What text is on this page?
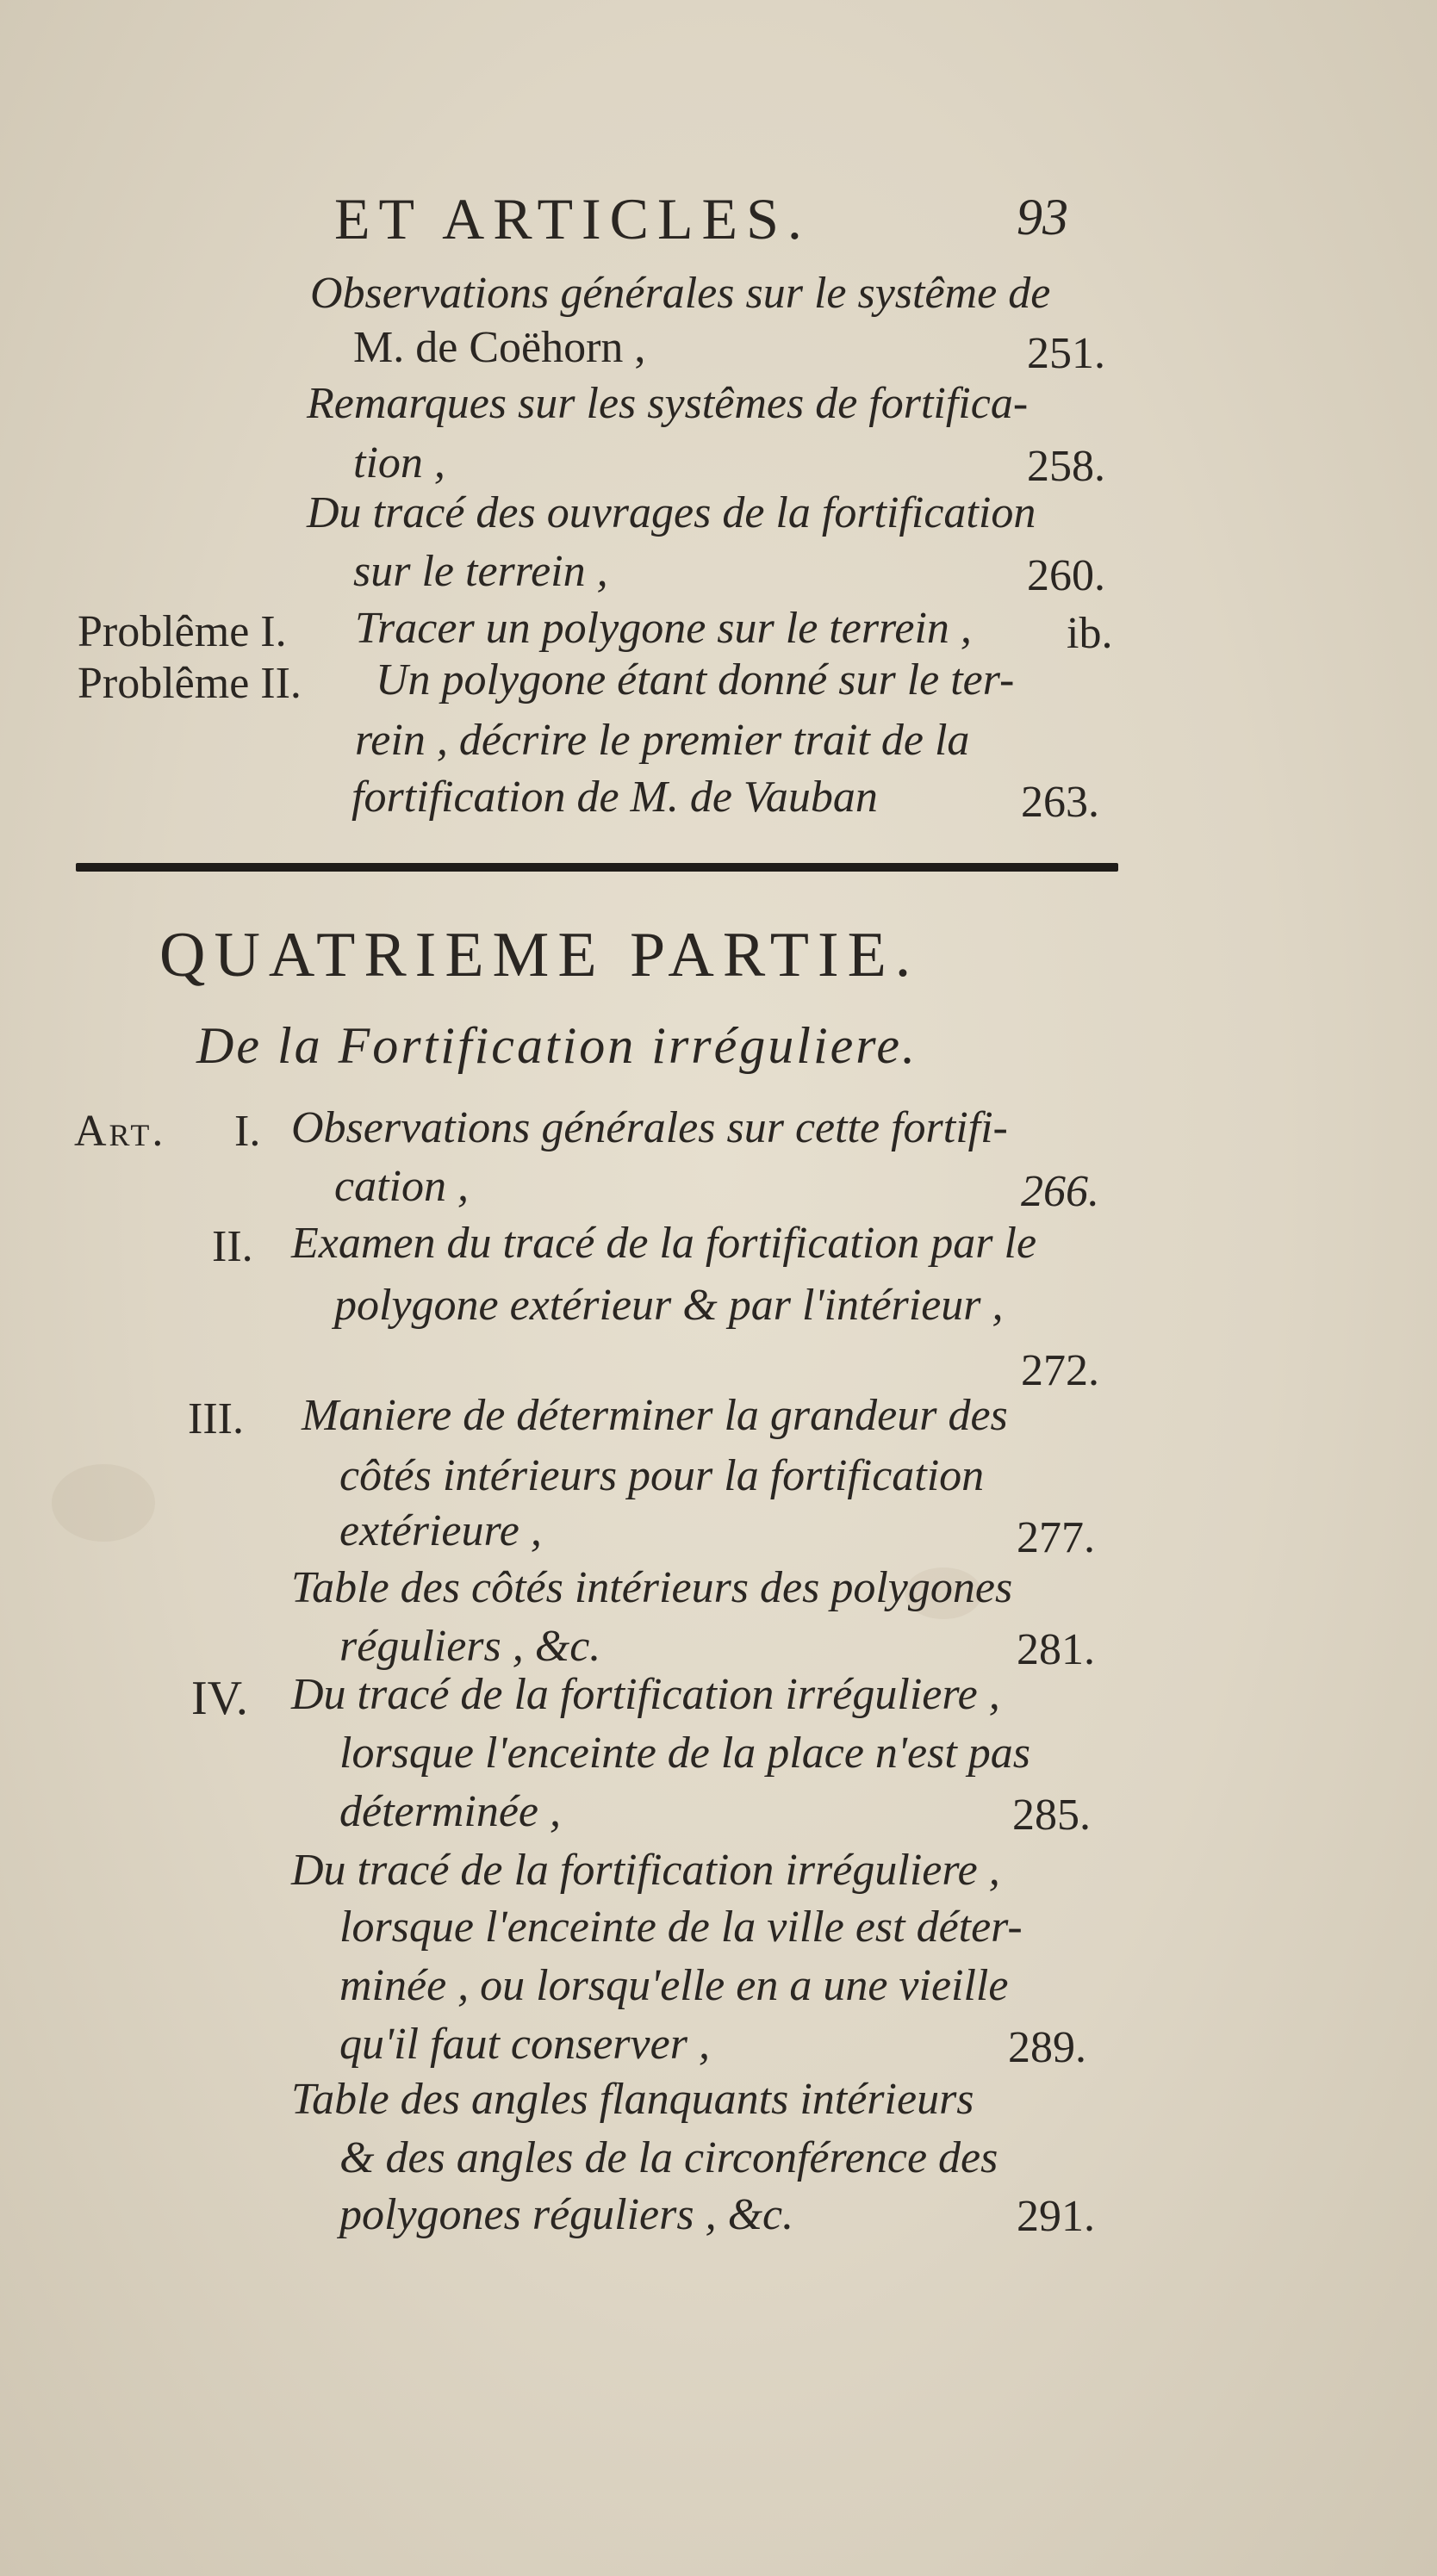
ET ARTICLES.	93
Observations générales sur le systême de
M. de Coëhorn ,	251.
Remarques sur les systêmes de fortifica-
tion ,	258.
Du tracé des ouvrages de la fortification
sur le terrein ,	260.
Problême I. Tracer un polygone sur le terrein , ib.
Problême II. Un polygone étant donné sur le ter-
rein , décrire le premier trait de la
fortification de M. de Vauban	263.
QUATRIEME PARTIE.
De la Fortification irréguliere.
Art. I. Observations générales sur cette fortifi-
cation ,	266.
II. Examen du tracé de la fortification par le
polygone extérieur & par l'intérieur ,
272.
III. Maniere de déterminer la grandeur des
côtés intérieurs pour la fortification
extérieure ,	277.
Table des côtés intérieurs des polygones
réguliers , &c.	281.
IV. Du tracé de la fortification irréguliere ,
lorsque l'enceinte de la place n'est pas
déterminée ,	285.
Du tracé de la fortification irréguliere ,
lorsque l'enceinte de la ville est déter-
minée , ou lorsqu'elle en a une vieille
qu'il faut conserver ,	289.
Table des angles flanquants intérieurs
& des angles de la circonférence des
polygones réguliers , &c.	291.
